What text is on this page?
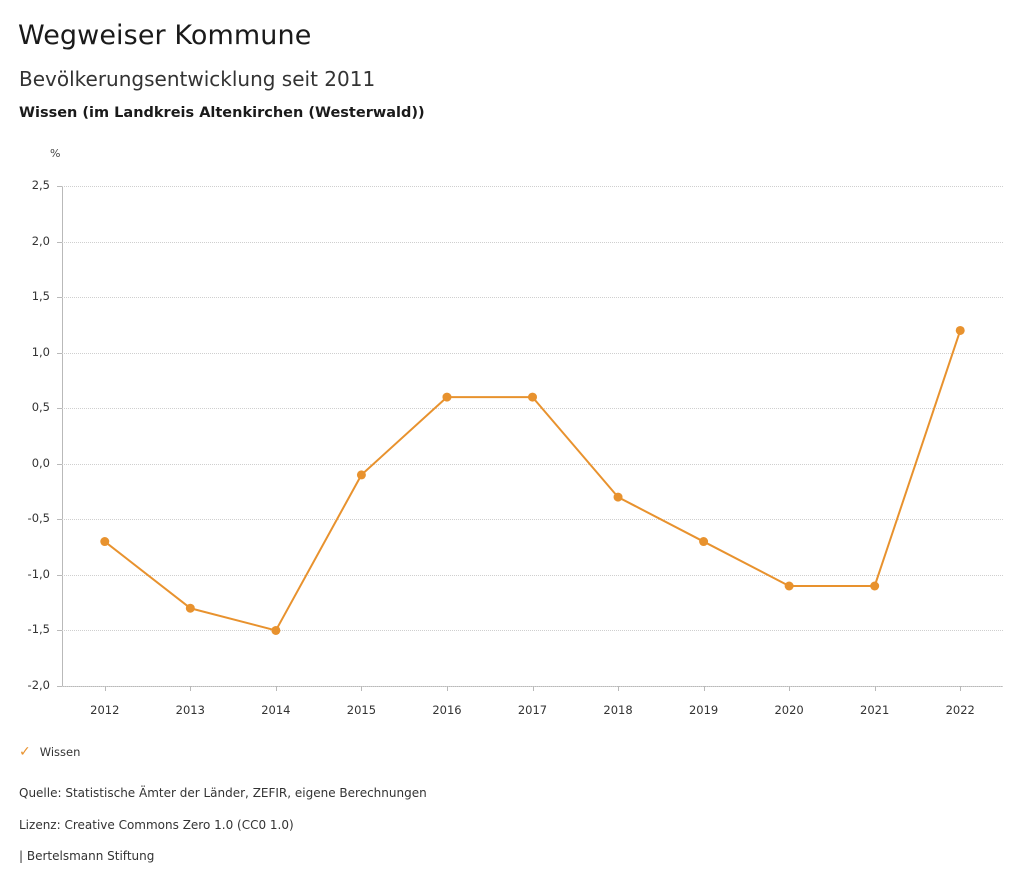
Wegweiser Kommune
Bevölkerungsentwicklung seit 2011
Wissen (im Landkreis Altenkirchen (Westerwald))
%
2,5
2,0
1,5
1,0
0,5
0,0
-0,5
-1,0
-1,5
-2,0
2012	2013	2014	2015	2016	2017	2018	2019	2020	2021	2022
✓ Wissen
Quelle: Statistische Ämter der Länder, ZEFIR, eigene Berechnungen
Lizenz: Creative Commons Zero 1.0 (CC0 1.0)
| Bertelsmann Stiftung
